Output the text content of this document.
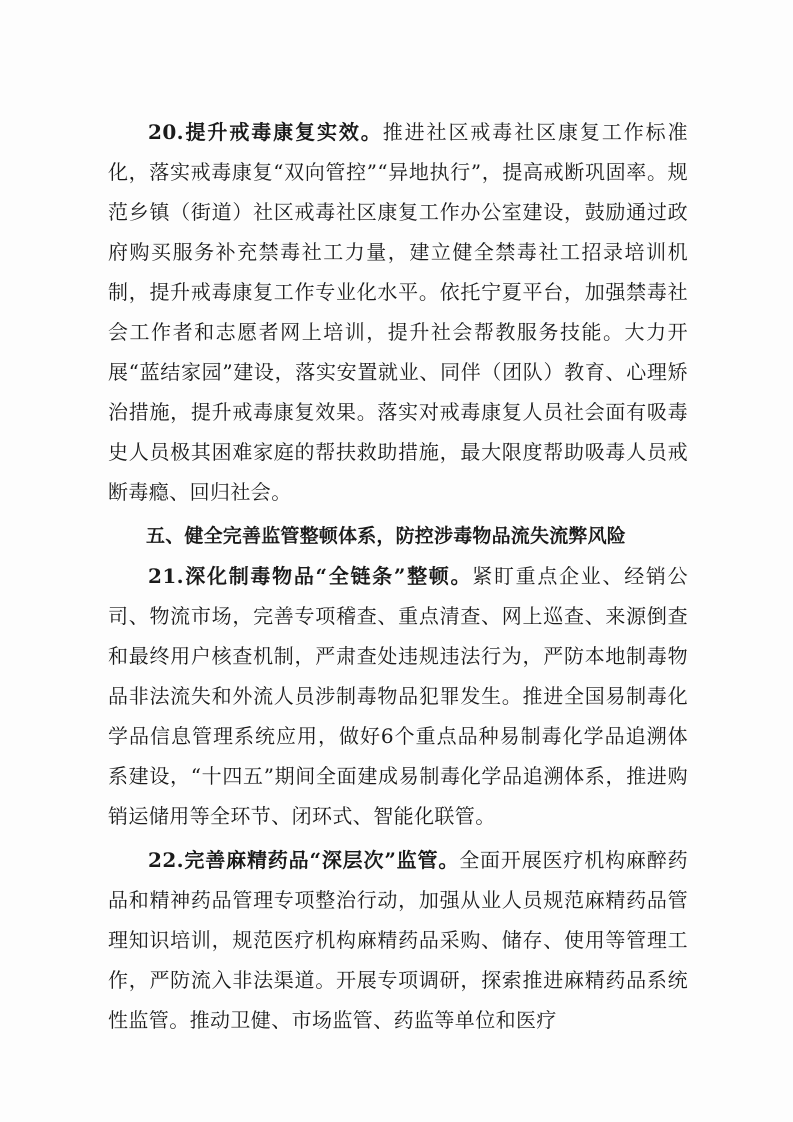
20.提升戒毒康复实效。推进社区戒毒社区康复工作标准化，落实戒毒康复“双向管控”“异地执行”，提高戒断巩固率。规范乡镇（街道）社区戒毒社区康复工作办公室建设，鼓励通过政府购买服务补充禁毒社工力量，建立健全禁毒社工招录培训机制，提升戒毒康复工作专业化水平。依托宁夏平台，加强禁毒社会工作者和志愿者网上培训，提升社会帮教服务技能。大力开展“蓝结家园”建设，落实安置就业、同伴（团队）教育、心理矫治措施，提升戒毒康复效果。落实对戒毒康复人员社会面有吸毒史人员极其困难家庭的帮扶救助措施，最大限度帮助吸毒人员戒断毒瘾、回归社会。

五、健全完善监管整顿体系，防控涉毒物品流失流弊风险

21.深化制毒物品“全链条”整顿。紧盯重点企业、经销公司、物流市场，完善专项稽查、重点清查、网上巡查、来源倒查和最终用户核查机制，严肃查处违规违法行为，严防本地制毒物品非法流失和外流人员涉制毒物品犯罪发生。推进全国易制毒化学品信息管理系统应用，做好6个重点品种易制毒化学品追溯体系建设，“十四五”期间全面建成易制毒化学品追溯体系，推进购销运储用等全环节、闭环式、智能化联管。

22.完善麻精药品“深层次”监管。全面开展医疗机构麻醉药品和精神药品管理专项整治行动，加强从业人员规范麻精药品管理知识培训，规范医疗机构麻精药品采购、储存、使用等管理工作，严防流入非法渠道。开展专项调研，探索推进麻精药品系统性监管。推动卫健、市场监管、药监等单位和医疗
